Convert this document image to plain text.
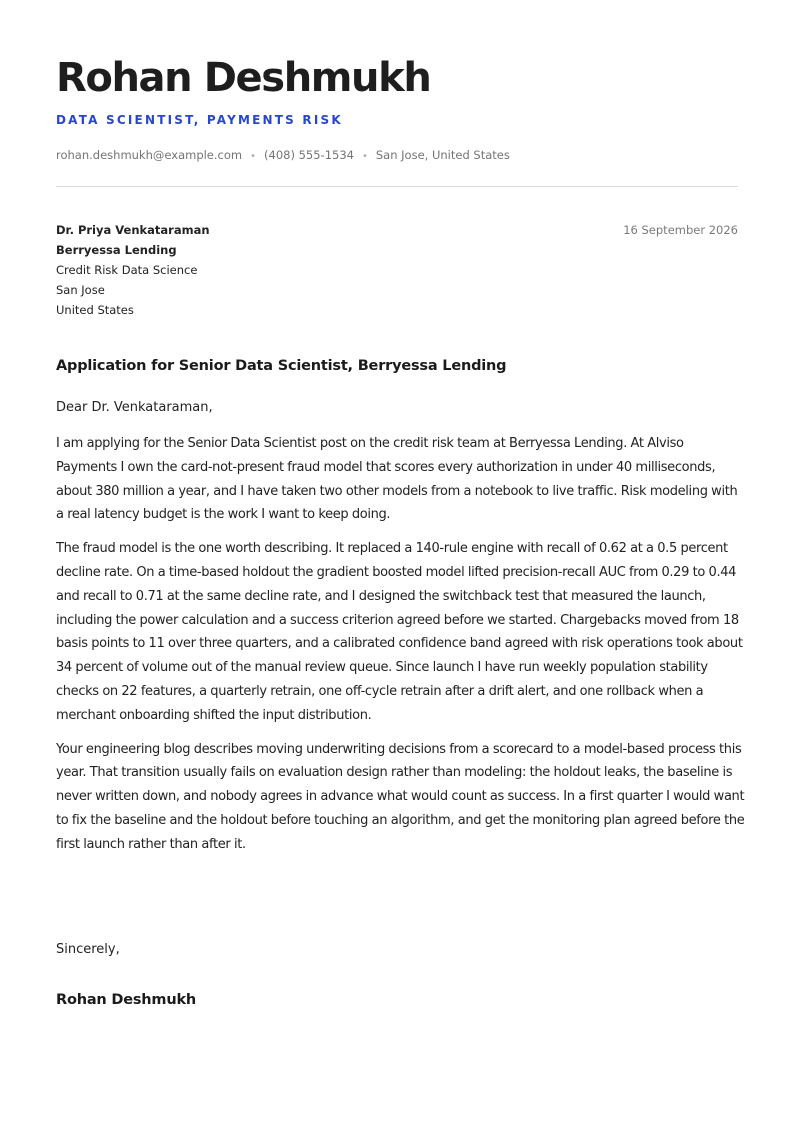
Rohan Deshmukh
DATA SCIENTIST, PAYMENTS RISK
rohan.deshmukh@example.com • (408) 555-1534 • San Jose, United States
Dr. Priya Venkataraman
Berryessa Lending
Credit Risk Data Science
San Jose
United States
16 September 2026
Application for Senior Data Scientist, Berryessa Lending
Dear Dr. Venkataraman,

I am applying for the Senior Data Scientist post on the credit risk team at Berryessa Lending. At Alviso Payments I own the card-not-present fraud model that scores every authorization in under 40 milliseconds, about 380 million a year, and I have taken two other models from a notebook to live traffic. Risk modeling with a real latency budget is the work I want to keep doing.

The fraud model is the one worth describing. It replaced a 140-rule engine with recall of 0.62 at a 0.5 percent decline rate. On a time-based holdout the gradient boosted model lifted precision-recall AUC from 0.29 to 0.44 and recall to 0.71 at the same decline rate, and I designed the switchback test that measured the launch, including the power calculation and a success criterion agreed before we started. Chargebacks moved from 18 basis points to 11 over three quarters, and a calibrated confidence band agreed with risk operations took about 34 percent of volume out of the manual review queue. Since launch I have run weekly population stability checks on 22 features, a quarterly retrain, one off-cycle retrain after a drift alert, and one rollback when a merchant onboarding shifted the input distribution.

Your engineering blog describes moving underwriting decisions from a scorecard to a model-based process this year. That transition usually fails on evaluation design rather than modeling: the holdout leaks, the baseline is never written down, and nobody agrees in advance what would count as success. In a first quarter I would want to fix the baseline and the holdout before touching an algorithm, and get the monitoring plan agreed before the first launch rather than after it.

Sincerely,
Rohan Deshmukh
